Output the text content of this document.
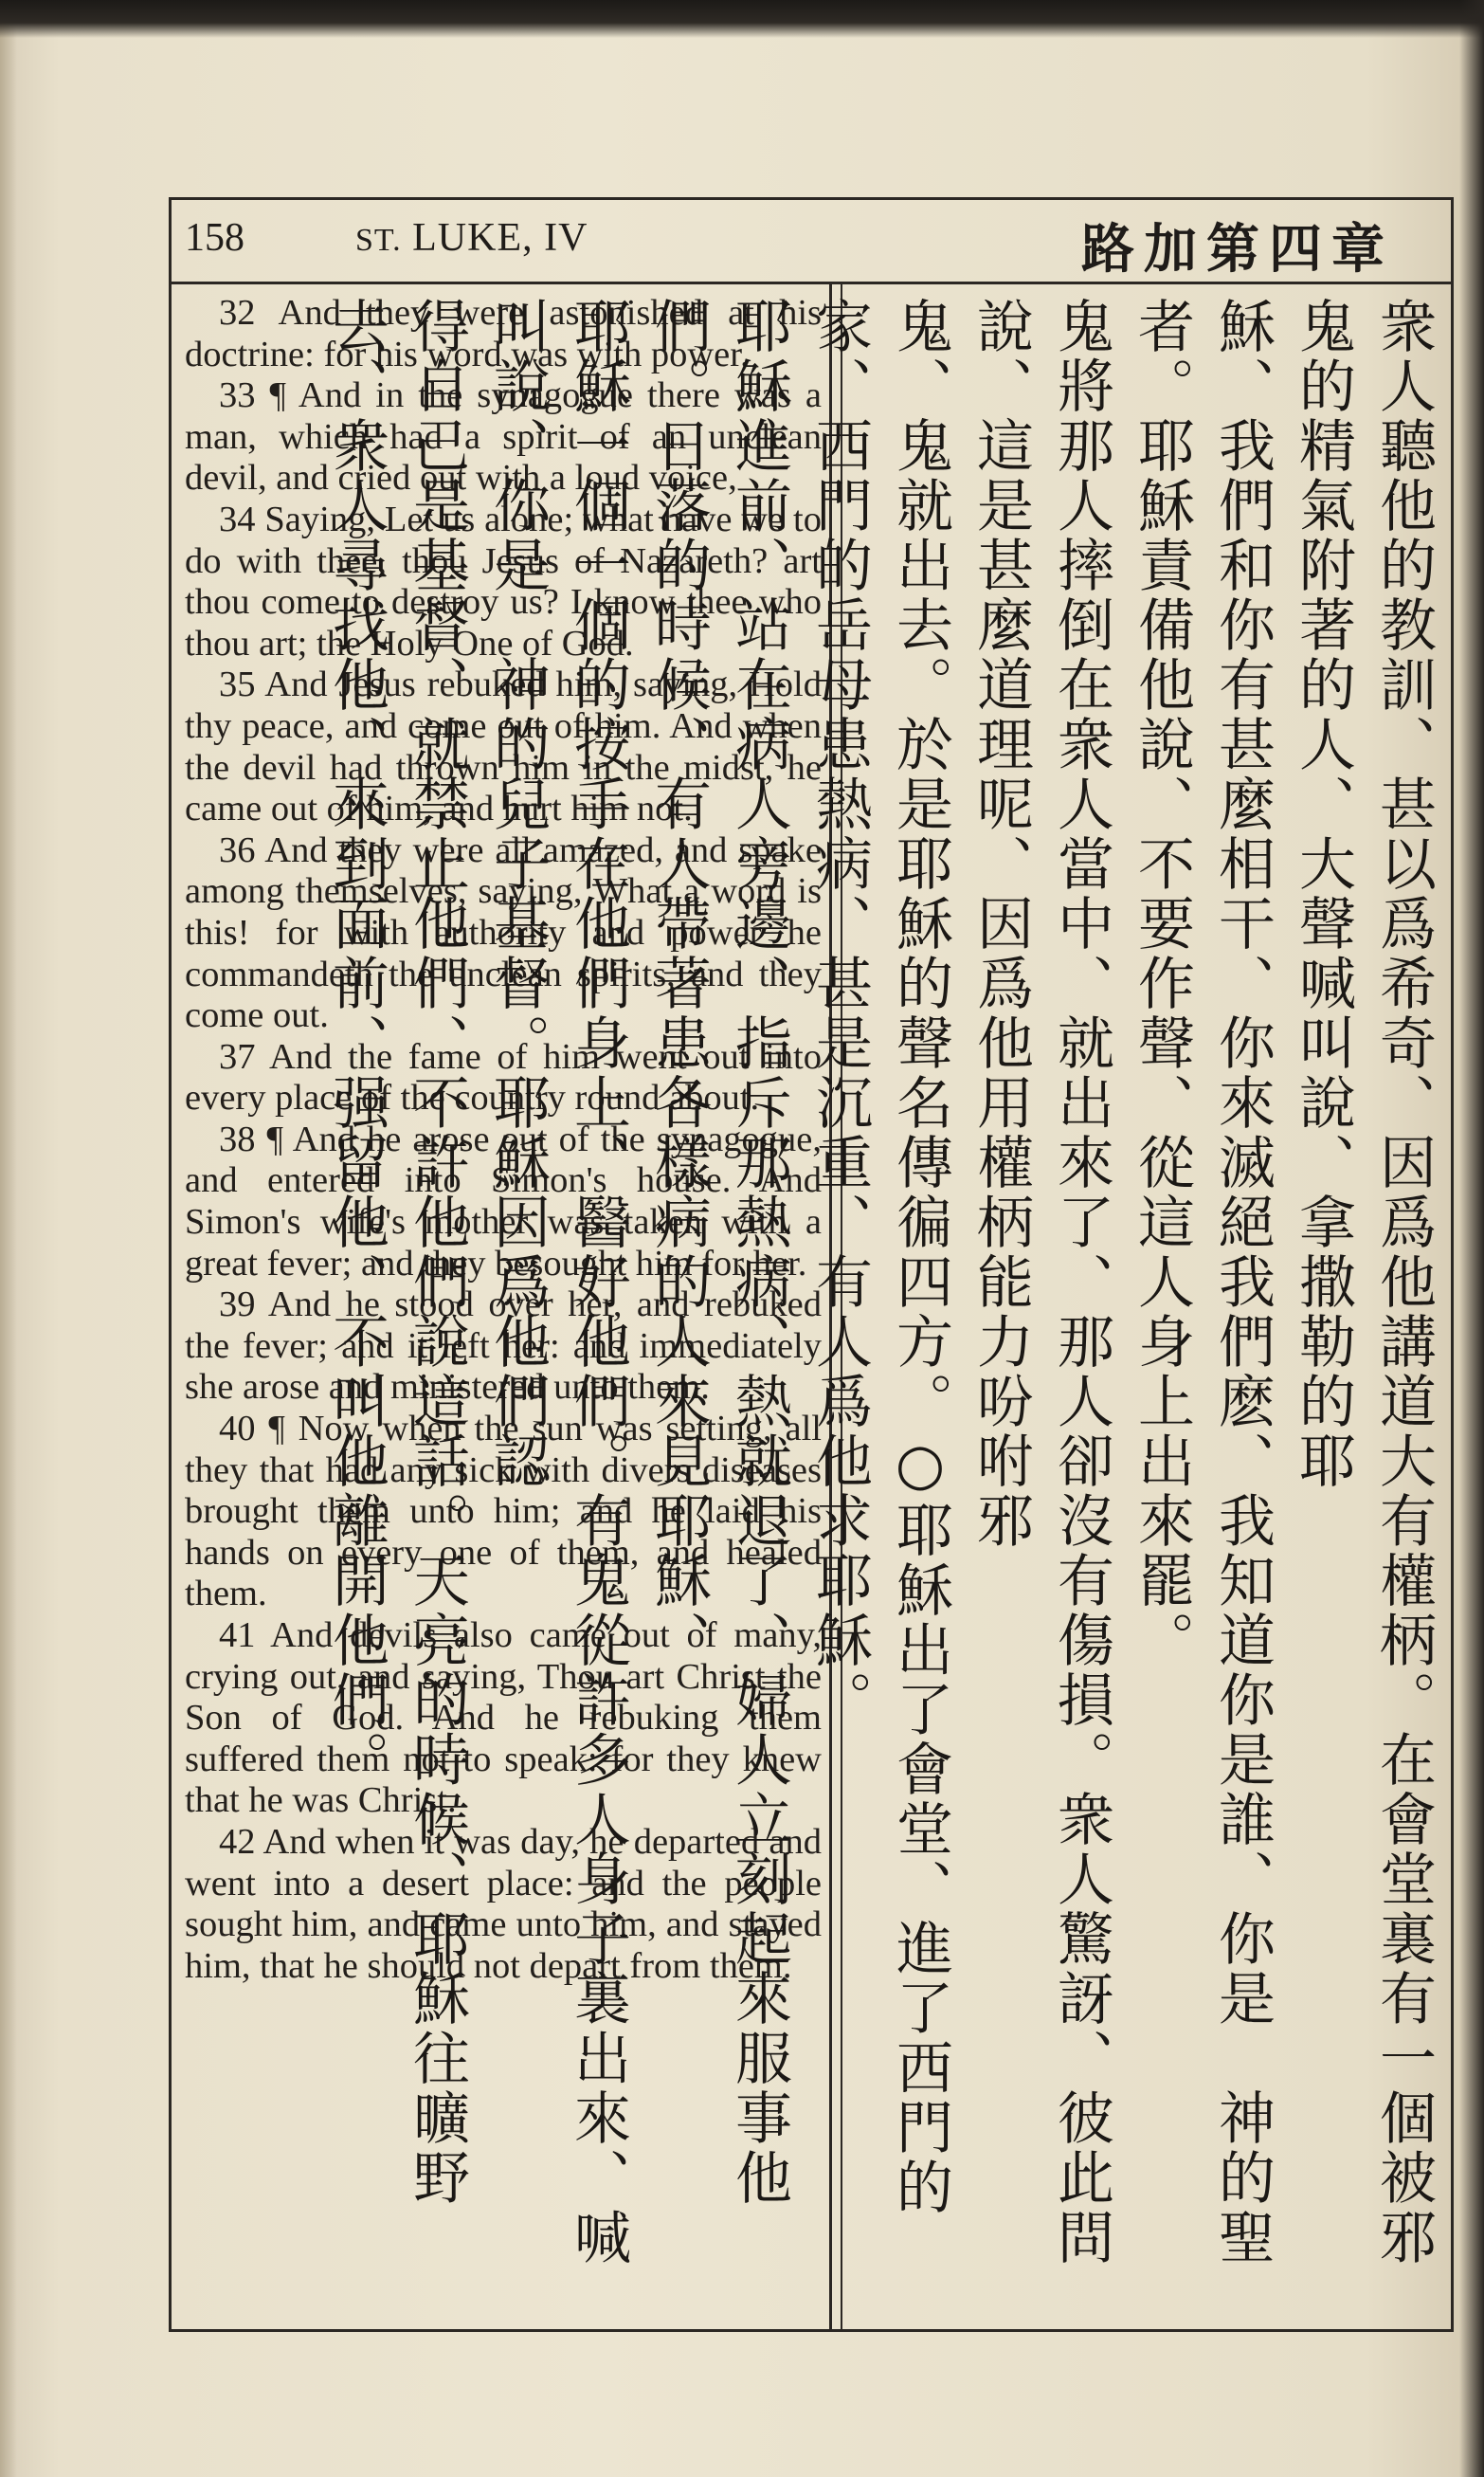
158	ST. LUKE, IV	路加第四章

32 And they were astonished at his doctrine: for his word was with power.

33 ¶ And in the synagogue there was a man, which had a spirit of an unclean devil, and cried out with a loud voice,

34 Saying, Let us alone; what have we to do with thee, thou Jesus of Nazareth? art thou come to destroy us? I know thee who thou art; the Holy One of God.

35 And Jesus rebuked him, saying, Hold thy peace, and come out of him. And when the devil had thrown him in the midst, he came out of him, and hurt him not.

36 And they were all amazed, and spake among themselves, saying, What a word is this! for with authority and power he commandeth the unclean spirits, and they come out.

37 And the fame of him went out into every place of the country round about.

38 ¶ And he arose out of the synagogue, and entered into Simon's house. And Simon's wife's mother was taken with a great fever; and they besought him for her.

39 And he stood over her, and rebuked the fever; and it left her: and immediately she arose and ministered unto them.

40 ¶ Now when the sun was setting, all they that had any sick with divers diseases brought them unto him; and he laid his hands on every one of them, and healed them.

41 And devils also came out of many, crying out, and saying, Thou art Christ the Son of God. And he rebuking them suffered them not to speak: for they knew that he was Christ.

42 And when it was day, he departed and went into a desert place: and the people sought him, and came unto him, and stayed him, that he should not depart from them.	衆人聽他的教訓、甚以爲希奇、因爲他講道大有權柄。在會堂裏有一個被邪鬼的精氣附著的人、大聲喊叫說、拿撒勒的耶
穌、我們和你有甚麼相干、你來滅絕我們麽、我知道你是誰、你是　神的聖者。耶穌責備他說、不要作聲、從這人身上出來罷。
鬼將那人摔倒在衆人當中、就出來了、那人卻沒有傷損。衆人驚訝、彼此問說、這是甚麼道理呢、因爲他用權柄能力吩咐邪
鬼、鬼就出去。於是耶穌的聲名傳徧四方。○耶穌出了會堂、進了西門的家、西門的岳母患熱病、甚是沉重、有人爲他求耶穌。
耶穌進前、站在病人旁邊、指斥那熱病、熱就退了、婦人立刻起來服事他們。日落的時候、有人帶著患各樣病的人來見耶穌、
耶穌一個一個的按手在他們身上、醫好他們。有鬼從許多人身子裏出來、喊叫說、你是　神的兒子基督。耶穌因爲他們認
得自己是基督、就禁止他們、不許他們說這話。天亮的時候、耶穌往曠野去、衆人尋找他、來到面前、强留他、不叫他離開他們。
